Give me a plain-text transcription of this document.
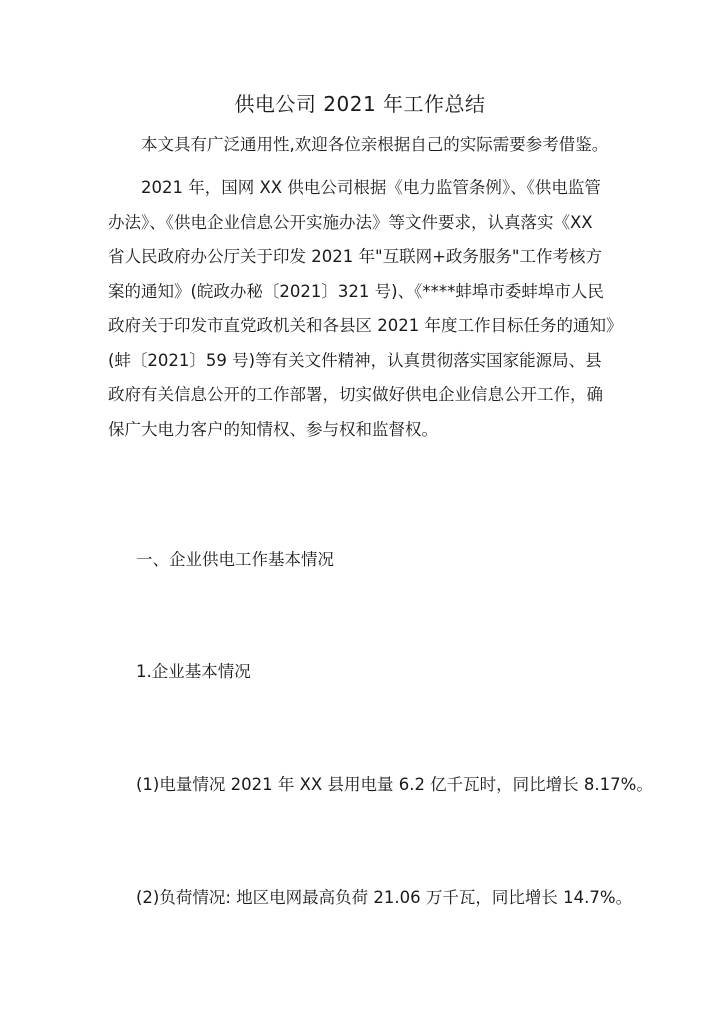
供电公司 2021 年工作总结
本文具有广泛通用性,欢迎各位亲根据自己的实际需要参考借鉴。
2021 年，国网 XX 供电公司根据《电力监管条例》、《供电监管
办法》、《供电企业信息公开实施办法》等文件要求，认真落实《XX
省人民政府办公厅关于印发 2021 年"互联网+政务服务"工作考核方
案的通知》(皖政办秘〔2021〕321 号)、《****蚌埠市委蚌埠市人民
政府关于印发市直党政机关和各县区 2021 年度工作目标任务的通知》
(蚌〔2021〕59 号)等有关文件精神，认真贯彻落实国家能源局、县
政府有关信息公开的工作部署，切实做好供电企业信息公开工作，确
保广大电力客户的知情权、参与权和监督权。
一、企业供电工作基本情况
1.企业基本情况
(1)电量情况 2021 年 XX 县用电量 6.2 亿千瓦时，同比增长 8.17%。
(2)负荷情况: 地区电网最高负荷 21.06 万千瓦，同比增长 14.7%。
